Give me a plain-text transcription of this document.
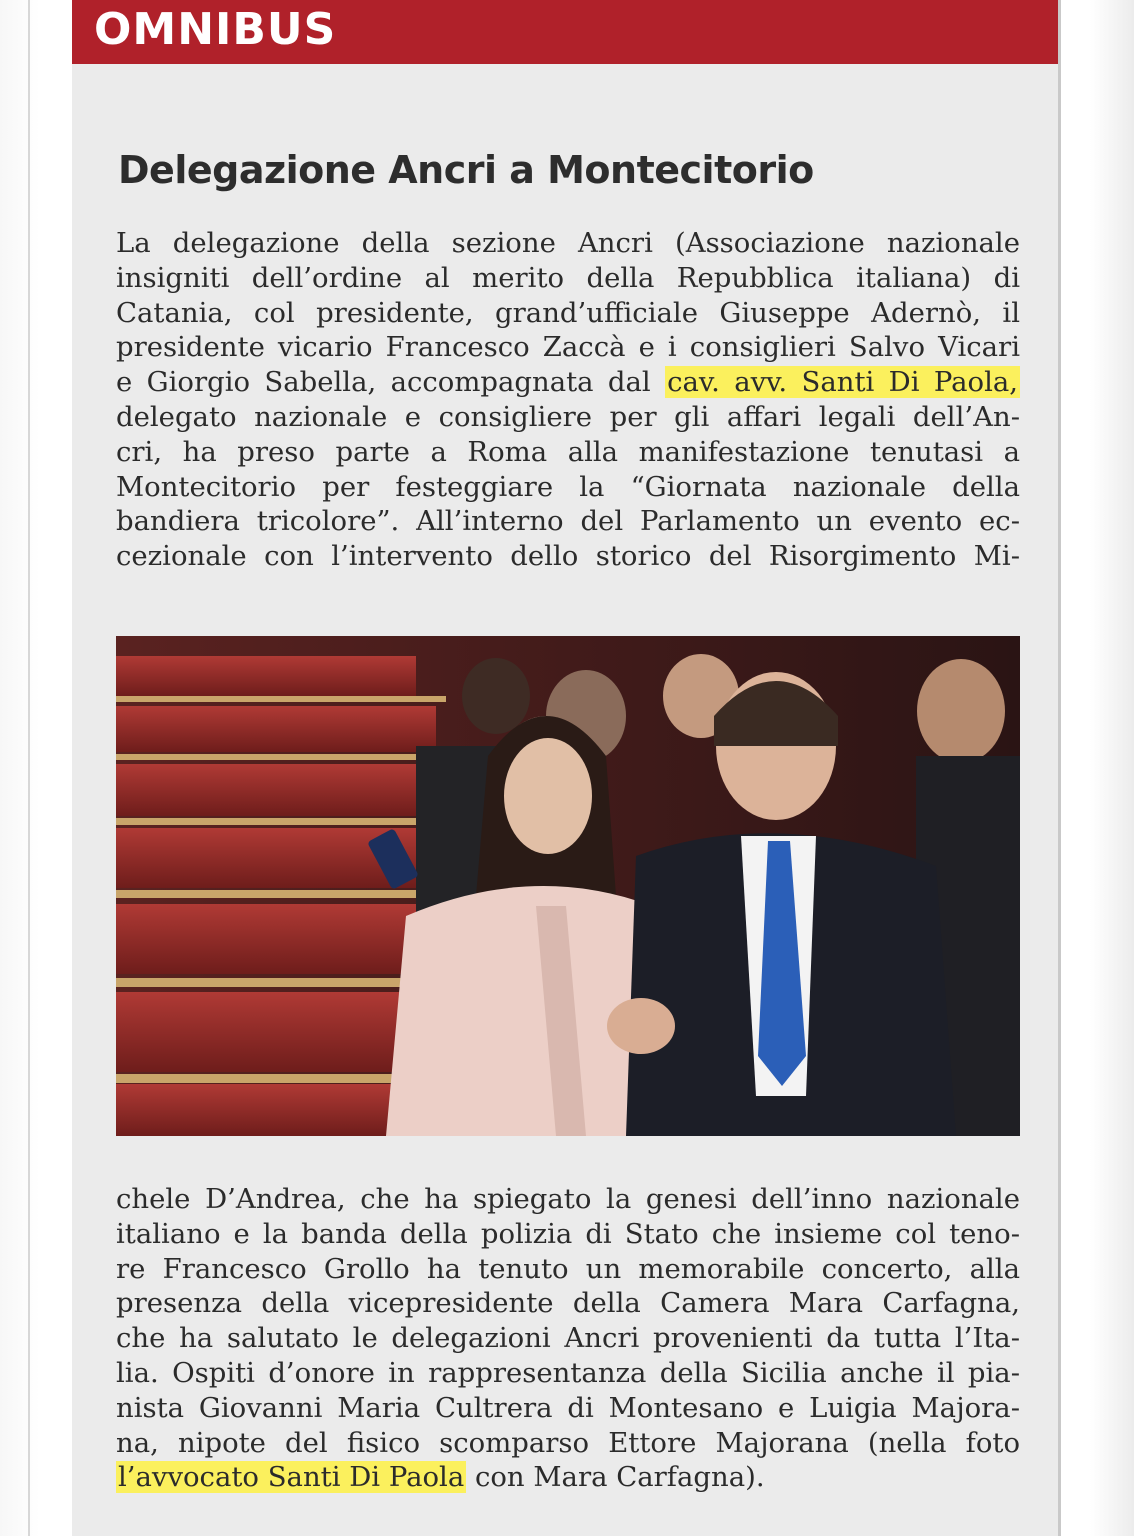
OMNIBUS
Delegazione Ancri a Montecitorio
La delegazione della sezione Ancri (Associazione nazionale
insigniti dell’ordine al merito della Repubblica italiana) di
Catania, col presidente, grand’ufficiale Giuseppe Adernò, il
presidente vicario Francesco Zaccà e i consiglieri Salvo Vicari
e Giorgio Sabella, accompagnata dal cav. avv. Santi Di Paola,
delegato nazionale e consigliere per gli affari legali dell’An-
cri, ha preso parte a Roma alla manifestazione tenutasi a
Montecitorio per festeggiare la “Giornata nazionale della
bandiera tricolore”. All’interno del Parlamento un evento ec-
cezionale con l’intervento dello storico del Risorgimento Mi-
chele D’Andrea, che ha spiegato la genesi dell’inno nazionale
italiano e la banda della polizia di Stato che insieme col teno-
re Francesco Grollo ha tenuto un memorabile concerto, alla
presenza della vicepresidente della Camera Mara Carfagna,
che ha salutato le delegazioni Ancri provenienti da tutta l’Ita-
lia. Ospiti d’onore in rappresentanza della Sicilia anche il pia-
nista Giovanni Maria Cultrera di Montesano e Luigia Majora-
na, nipote del fisico scomparso Ettore Majorana (nella foto
l’avvocato Santi Di Paola con Mara Carfagna).
